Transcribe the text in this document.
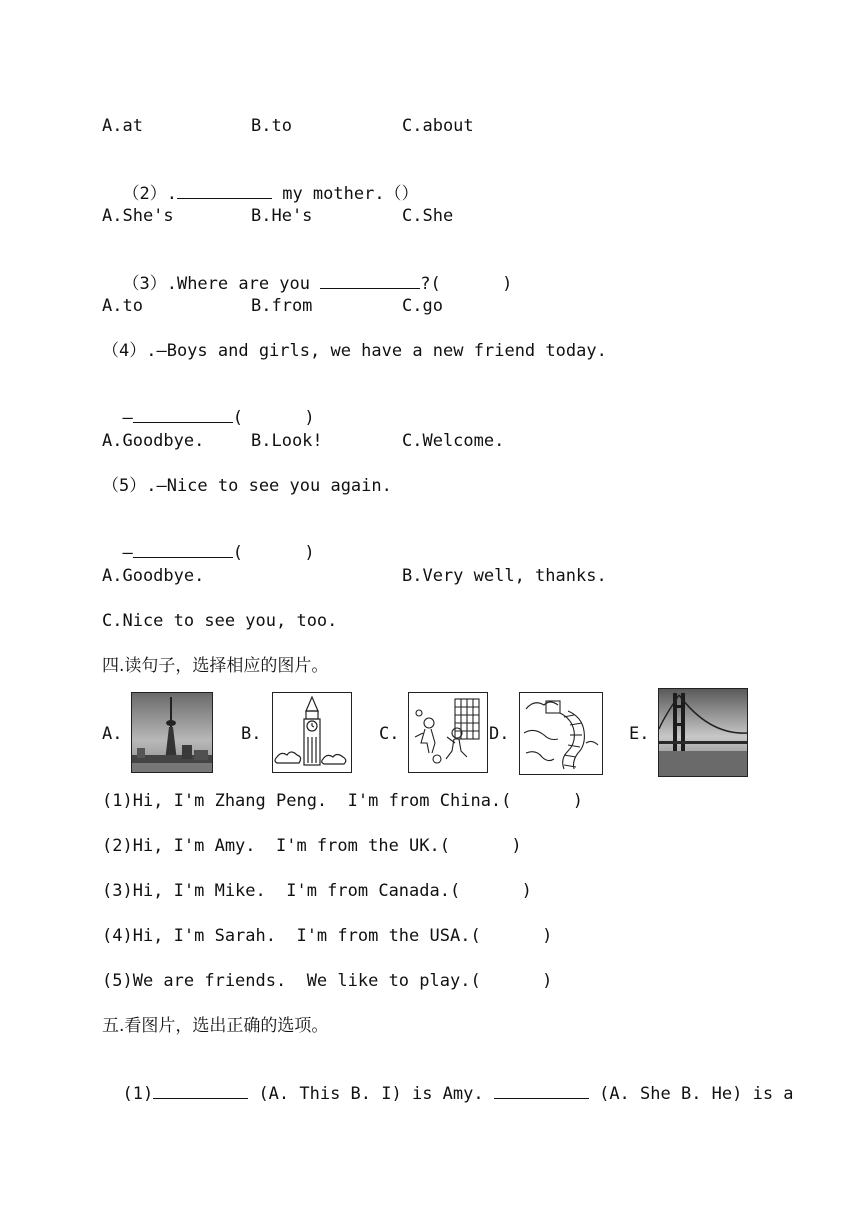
A.at	B.to	C.about

（2）.	my mother.（）

A.She's	B.He's	C.She

（3）.Where are you	?(      )

A.to	B.from	C.go
（4）.—Boys and girls, we have a new friend today.

—	(      )

A.Goodbye.	B.Look!	C.Welcome.
（5）.—Nice to see you again.

—	(      )

A.Goodbye.	B.Very well, thanks.
C.Nice to see you, too.
四.读句子，选择相应的图片。
A.	B.	C.	D.	E.
(1)Hi, I'm Zhang Peng.  I'm from China.(      )
(2)Hi, I'm Amy.  I'm from the UK.(      )
(3)Hi, I'm Mike.  I'm from Canada.(      )
(4)Hi, I'm Sarah.  I'm from the USA.(      )
(5)We are friends.  We like to play.(      )
五.看图片，选出正确的选项。

(1)	(A. This B. I) is Amy.	(A. She B. He) is a
